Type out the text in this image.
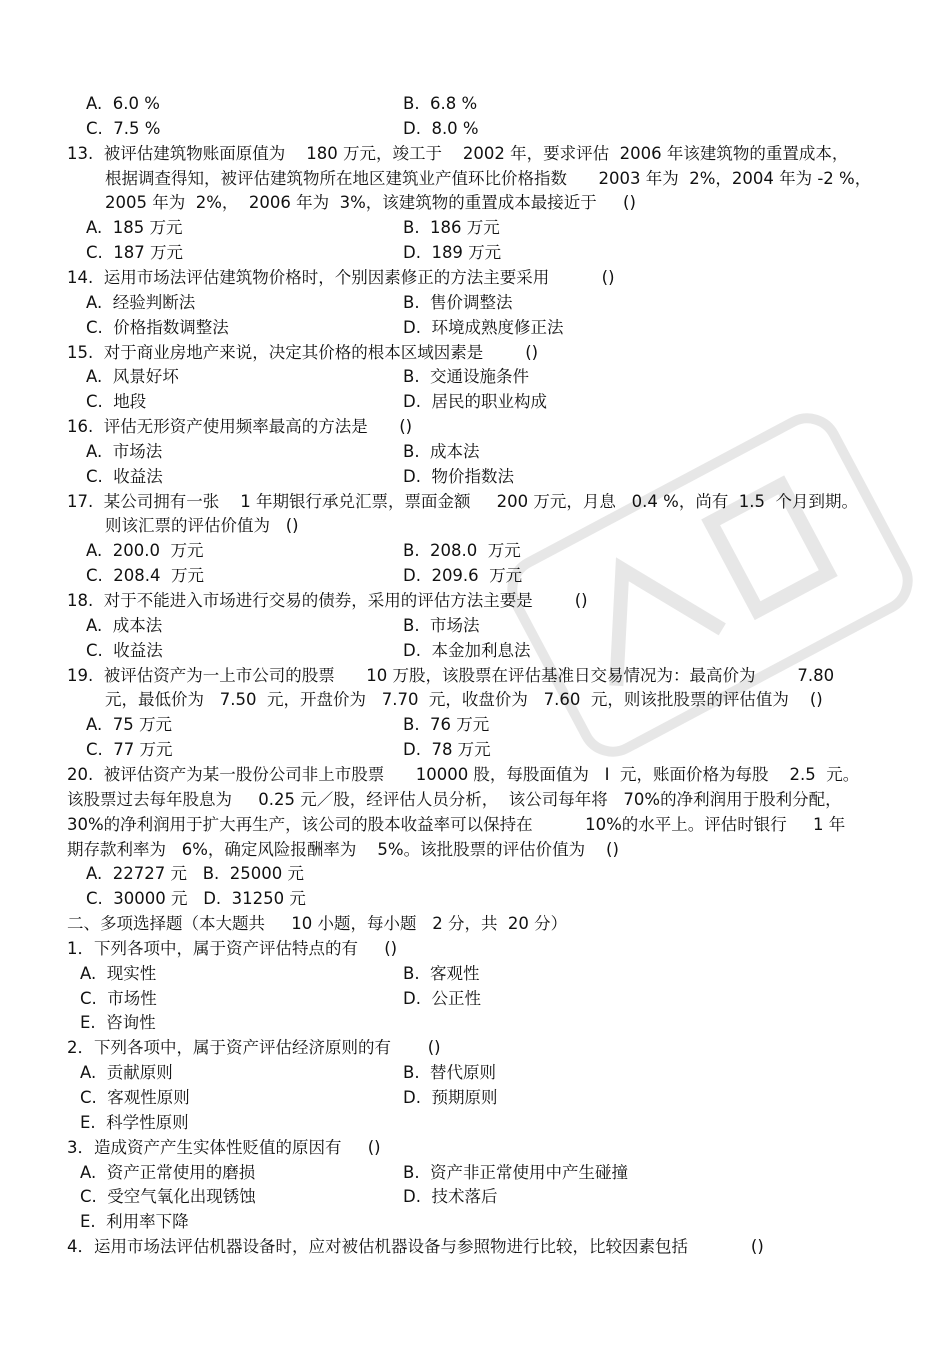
A.  6.0 %	B.  6.8 %
C.  7.5 %	D.  8.0 %
13.  被评估建筑物账面原值为    180 万元，竣工于    2002 年，要求评估  2006 年该建筑物的重置成本，
根据调查得知，被评估建筑物所在地区建筑业产值环比价格指数      2003 年为  2%，2004 年为 -2 %，
2005 年为  2%，  2006 年为  3%，该建筑物的重置成本最接近于     ()
A.  185 万元	B.  186 万元
C.  187 万元	D.  189 万元
14.  运用市场法评估建筑物价格时，个别因素修正的方法主要采用          ()
A.  经验判断法	B.  售价调整法
C.  价格指数调整法	D.  环境成熟度修正法
15.  对于商业房地产来说，决定其价格的根本区域因素是        ()
A.  风景好坏	B.  交通设施条件
C.  地段	D.  居民的职业构成
16.  评估无形资产使用频率最高的方法是      ()
A.  市场法	B.  成本法
C.  收益法	D.  物价指数法
17.  某公司拥有一张    1 年期银行承兑汇票，票面金额     200 万元，月息   0.4 %，尚有  1.5  个月到期。
则该汇票的评估价值为   ()
A.  200.0  万元	B.  208.0  万元
C.  208.4  万元	D.  209.6  万元
18.  对于不能进入市场进行交易的债券，采用的评估方法主要是        ()
A.  成本法	B.  市场法
C.  收益法	D.  本金加利息法
19.  被评估资产为一上市公司的股票      10 万股，该股票在评估基准日交易情况为：最高价为        7.80
元，最低价为   7.50  元，开盘价为   7.70  元，收盘价为   7.60  元，则该批股票的评估值为    ()
A.  75 万元	B.  76 万元
C.  77 万元	D.  78 万元
20.  被评估资产为某一股份公司非上市股票      10000 股，每股面值为   I  元，账面价格为每股    2.5  元。
该股票过去每年股息为     0.25 元／股，经评估人员分析，  该公司每年将   70%的净利润用于股利分配，
30%的净利润用于扩大再生产，该公司的股本收益率可以保持在          10%的水平上。评估时银行     1 年
期存款利率为   6%，确定风险报酬率为    5%。该批股票的评估价值为    ()
A.  22727 元   B.  25000 元
C.  30000 元   D.  31250 元
二、多项选择题（本大题共     10 小题，每小题   2 分，共  20 分）
1．下列各项中，属于资产评估特点的有     ()
A.  现实性	B.  客观性
C.  市场性	D.  公正性
E.  咨询性
2．下列各项中，属于资产评估经济原则的有       ()
A.  贡献原则	B.  替代原则
C.  客观性原则	D.  预期原则
E.  科学性原则
3．造成资产产生实体性贬值的原因有     ()
A.  资产正常使用的磨损	B.  资产非正常使用中产生碰撞
C.  受空气氧化出现锈蚀	D.  技术落后
E.  利用率下降
4．运用市场法评估机器设备时，应对被估机器设备与参照物进行比较，比较因素包括            ()
